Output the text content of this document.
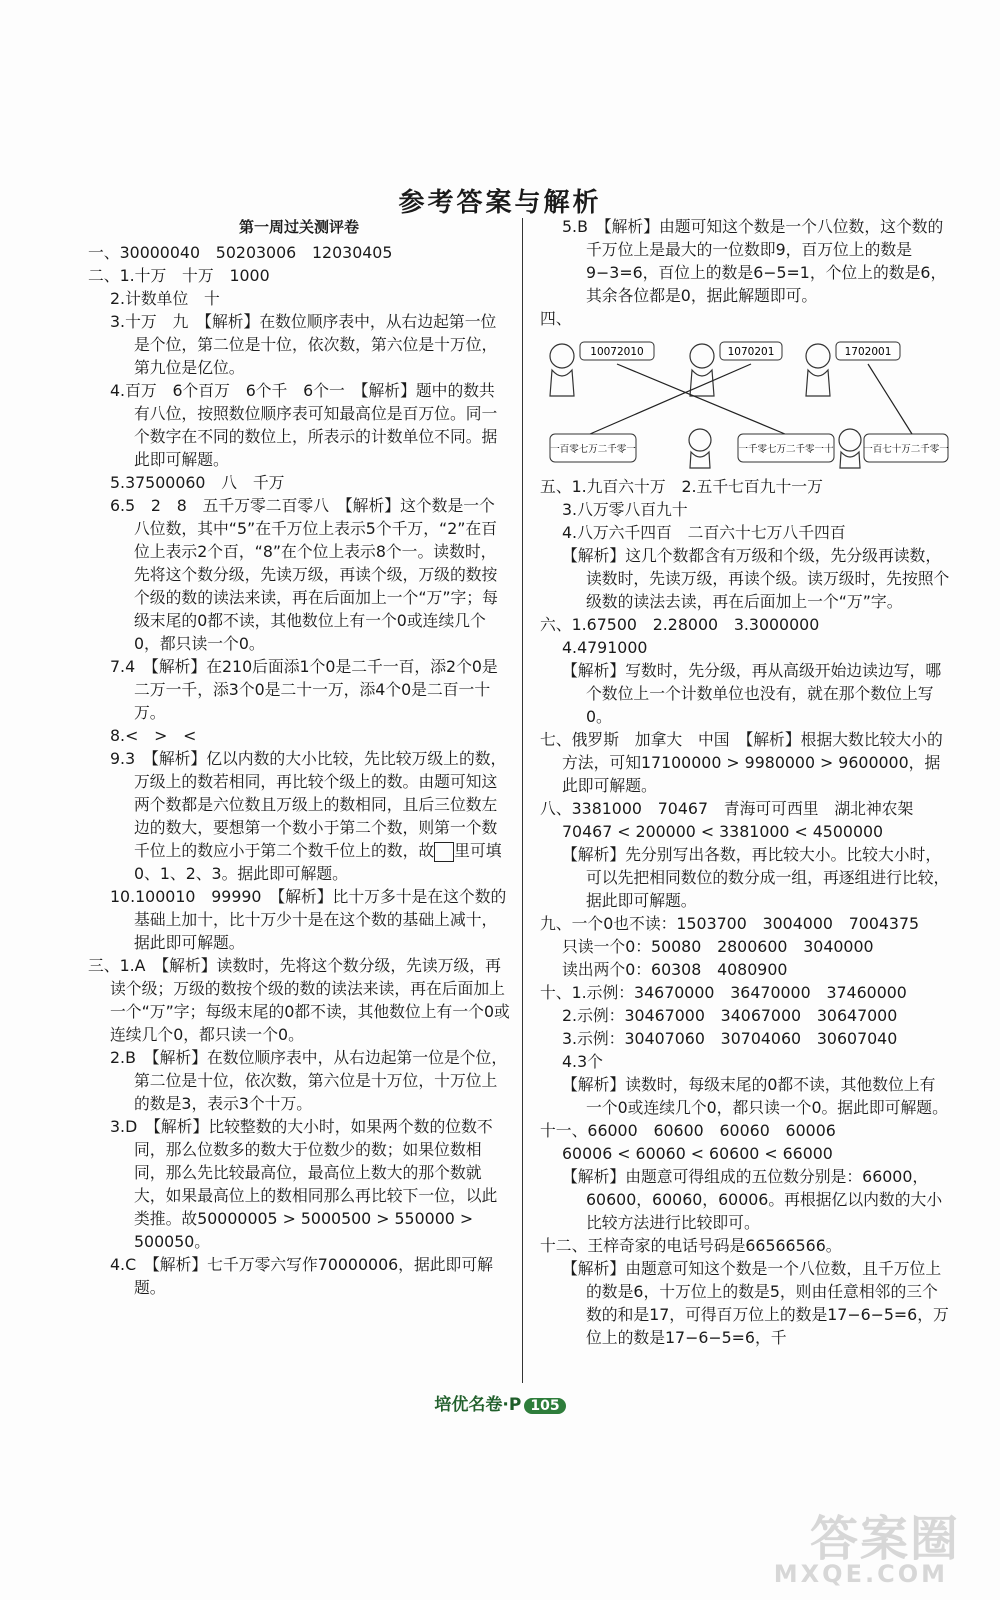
参考答案与解析
第一周过关测评卷

一、30000040　50203006　12030405

二、1.十万　十万　1000

2.计数单位　十

3.十万　九　【解析】在数位顺序表中，从右边起第一位是个位，第二位是十位，依次数，第六位是十万位，第九位是亿位。

4.百万　6个百万　6个千　6个一　【解析】题中的数共有八位，按照数位顺序表可知最高位是百万位。同一个数字在不同的数位上，所表示的计数单位不同。据此即可解题。

5.37500060　八　千万

6.5　2　8　五千万零二百零八　【解析】这个数是一个八位数，其中“5”在千万位上表示5个千万，“2”在百位上表示2个百，“8”在个位上表示8个一。读数时，先将这个数分级，先读万级，再读个级，万级的数按个级的数的读法来读，再在后面加上一个“万”字；每级末尾的0都不读，其他数位上有一个0或连续几个0，都只读一个0。

7.4　【解析】在210后面添1个0是二千一百，添2个0是二万一千，添3个0是二十一万，添4个0是二百一十万。

8.<　>　<

9.3　【解析】亿以内数的大小比较，先比较万级上的数，万级上的数若相同，再比较个级上的数。由题可知这两个数都是六位数且万级上的数相同，且后三位数左边的数大，要想第一个数小于第二个数，则第一个数千位上的数应小于第二个数千位上的数，故 里可填0、1、2、3。据此即可解题。

10.100010　99990　【解析】比十万多十是在这个数的基础上加十，比十万少十是在这个数的基础上减十，据此即可解题。

三、1.A　【解析】读数时，先将这个数分级，先读万级，再读个级；万级的数按个级的数的读法来读，再在后面加上一个“万”字；每级末尾的0都不读，其他数位上有一个0或连续几个0，都只读一个0。

2.B　【解析】在数位顺序表中，从右边起第一位是个位，第二位是十位，依次数，第六位是十万位，十万位上的数是3，表示3个十万。

3.D　【解析】比较整数的大小时，如果两个数的位数不同，那么位数多的数大于位数少的数；如果位数相同，那么先比较最高位，最高位上数大的那个数就大，如果最高位上的数相同那么再比较下一位，以此类推。故50000005 > 5000500 > 550000 > 500050。

4.C　【解析】七千万零六写作70000006，据此即可解题。

5.B　【解析】由题可知这个数是一个八位数，这个数的千万位上是最大的一位数即9，百万位上的数是9−3=6，百位上的数是6−5=1，个位上的数是6，其余各位都是0，据此解题即可。

四、

10072010	1070201	1702001
一百零七万二千零一	一千零七万二千零一十	一百七十万二千零一

五、1.九百六十万　2.五千七百九十一万

3.八万零八百九十

4.八万六千四百　二百六十七万八千四百

【解析】这几个数都含有万级和个级，先分级再读数，读数时，先读万级，再读个级。读万级时，先按照个级数的读法去读，再在后面加上一个“万”字。

六、1.67500　2.28000　3.3000000

4.4791000

【解析】写数时，先分级，再从高级开始边读边写，哪个数位上一个计数单位也没有，就在那个数位上写0。

七、俄罗斯　加拿大　中国　【解析】根据大数比较大小的方法，可知17100000 > 9980000 > 9600000，据此即可解题。

八、3381000　70467　青海可可西里　湖北神农架

70467 < 200000 < 3381000 < 4500000

【解析】先分别写出各数，再比较大小。比较大小时，可以先把相同数位的数分成一组，再逐组进行比较，据此即可解题。

九、一个0也不读：1503700　3004000　7004375

只读一个0：50080　2800600　3040000

读出两个0：60308　4080900

十、1.示例：34670000　36470000　37460000

2.示例：30467000　34067000　30647000

3.示例：30407060　30704060　30607040

4.3个

【解析】读数时，每级末尾的0都不读，其他数位上有一个0或连续几个0，都只读一个0。据此即可解题。

十一、66000　60600　60060　60006

60006 < 60060 < 60600 < 66000

【解析】由题意可得组成的五位数分别是：66000，60600，60060，60006。再根据亿以内数的大小比较方法进行比较即可。

十二、王梓奇家的电话号码是66566566。

【解析】由题意可知这个数是一个八位数，且千万位上的数是6，十万位上的数是5，则由任意相邻的三个数的和是17，可得百万位上的数是17−6−5=6，万位上的数是17−6−5=6，千

培优名卷·P 105
答案圈
MXQE.COM
